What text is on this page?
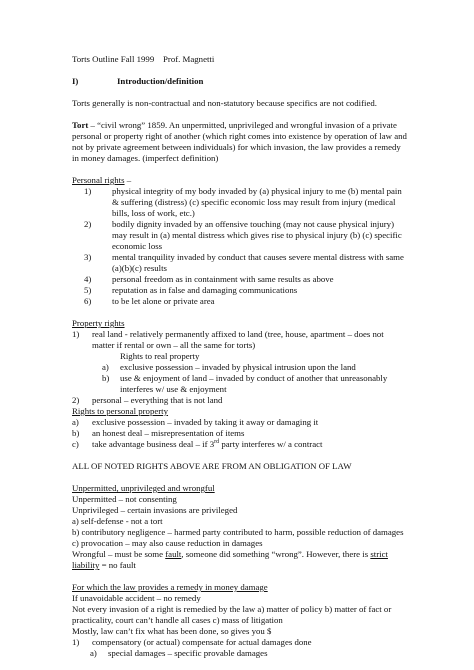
Torts Outline Fall 1999    Prof. Magnetti

I)	Introduction/definition

Torts generally is non-contractual and non-statutory because specifics are not codified.

Tort – “civil wrong” 1859. An unpermitted, unprivileged and wrongful invasion of a private personal or property right of another (which right comes into existence by operation of law and not by private agreement between individuals) for which invasion, the law provides a remedy in money damages. (imperfect definition)

Personal rights –

1)	physical integrity of my body invaded by (a) physical injury to me (b) mental pain & suffering (distress) (c) specific economic loss may result from injury (medical bills, loss of work, etc.)
2)	bodily dignity invaded by an offensive touching (may not cause physical injury) may result in (a) mental distress which gives rise to physical injury (b) (c) specific economic loss
3)	mental tranquility invaded by conduct that causes severe mental distress with same (a)(b)(c) results
4)	personal freedom as in containment with same results as above
5)	reputation as in false and damaging communications
6)	to be let alone or private area

Property rights

1)	real land - relatively permanently affixed to land (tree, house, apartment – does not matter if rental or own – all the same for torts)

Rights to real property

a)	exclusive possession – invaded by physical intrusion upon the land
b)	use & enjoyment of land – invaded by conduct of another that unreasonably interferes w/ use & enjoyment
2)	personal – everything that is not land

Rights to personal property

a)	exclusive possession – invaded by taking it away or damaging it
b)	an honest deal – misrepresentation of items
c)	take advantage business deal – if 3rd party interferes w/ a contract

ALL OF NOTED RIGHTS ABOVE ARE FROM AN OBLIGATION OF LAW

Unpermitted, unprivileged and wrongful

Unpermitted – not consenting

Unprivileged – certain invasions are privileged

a) self-defense - not a tort

b) contributory negligence – harmed party contributed to harm, possible reduction of damages

c) provocation – may also cause reduction in damages

Wrongful – must be some fault, someone did something “wrong”. However, there is strict liability = no fault

For which the law provides a remedy in money damage

If unavoidable accident – no remedy

Not every invasion of a right is remedied by the law a) matter of policy b) matter of fact or practicality, court can’t handle all cases c) mass of litigation

Mostly, law can’t fix what has been done, so gives you $

1)	compensatory (or actual) compensate for actual damages done
a)	special damages – specific provable damages
